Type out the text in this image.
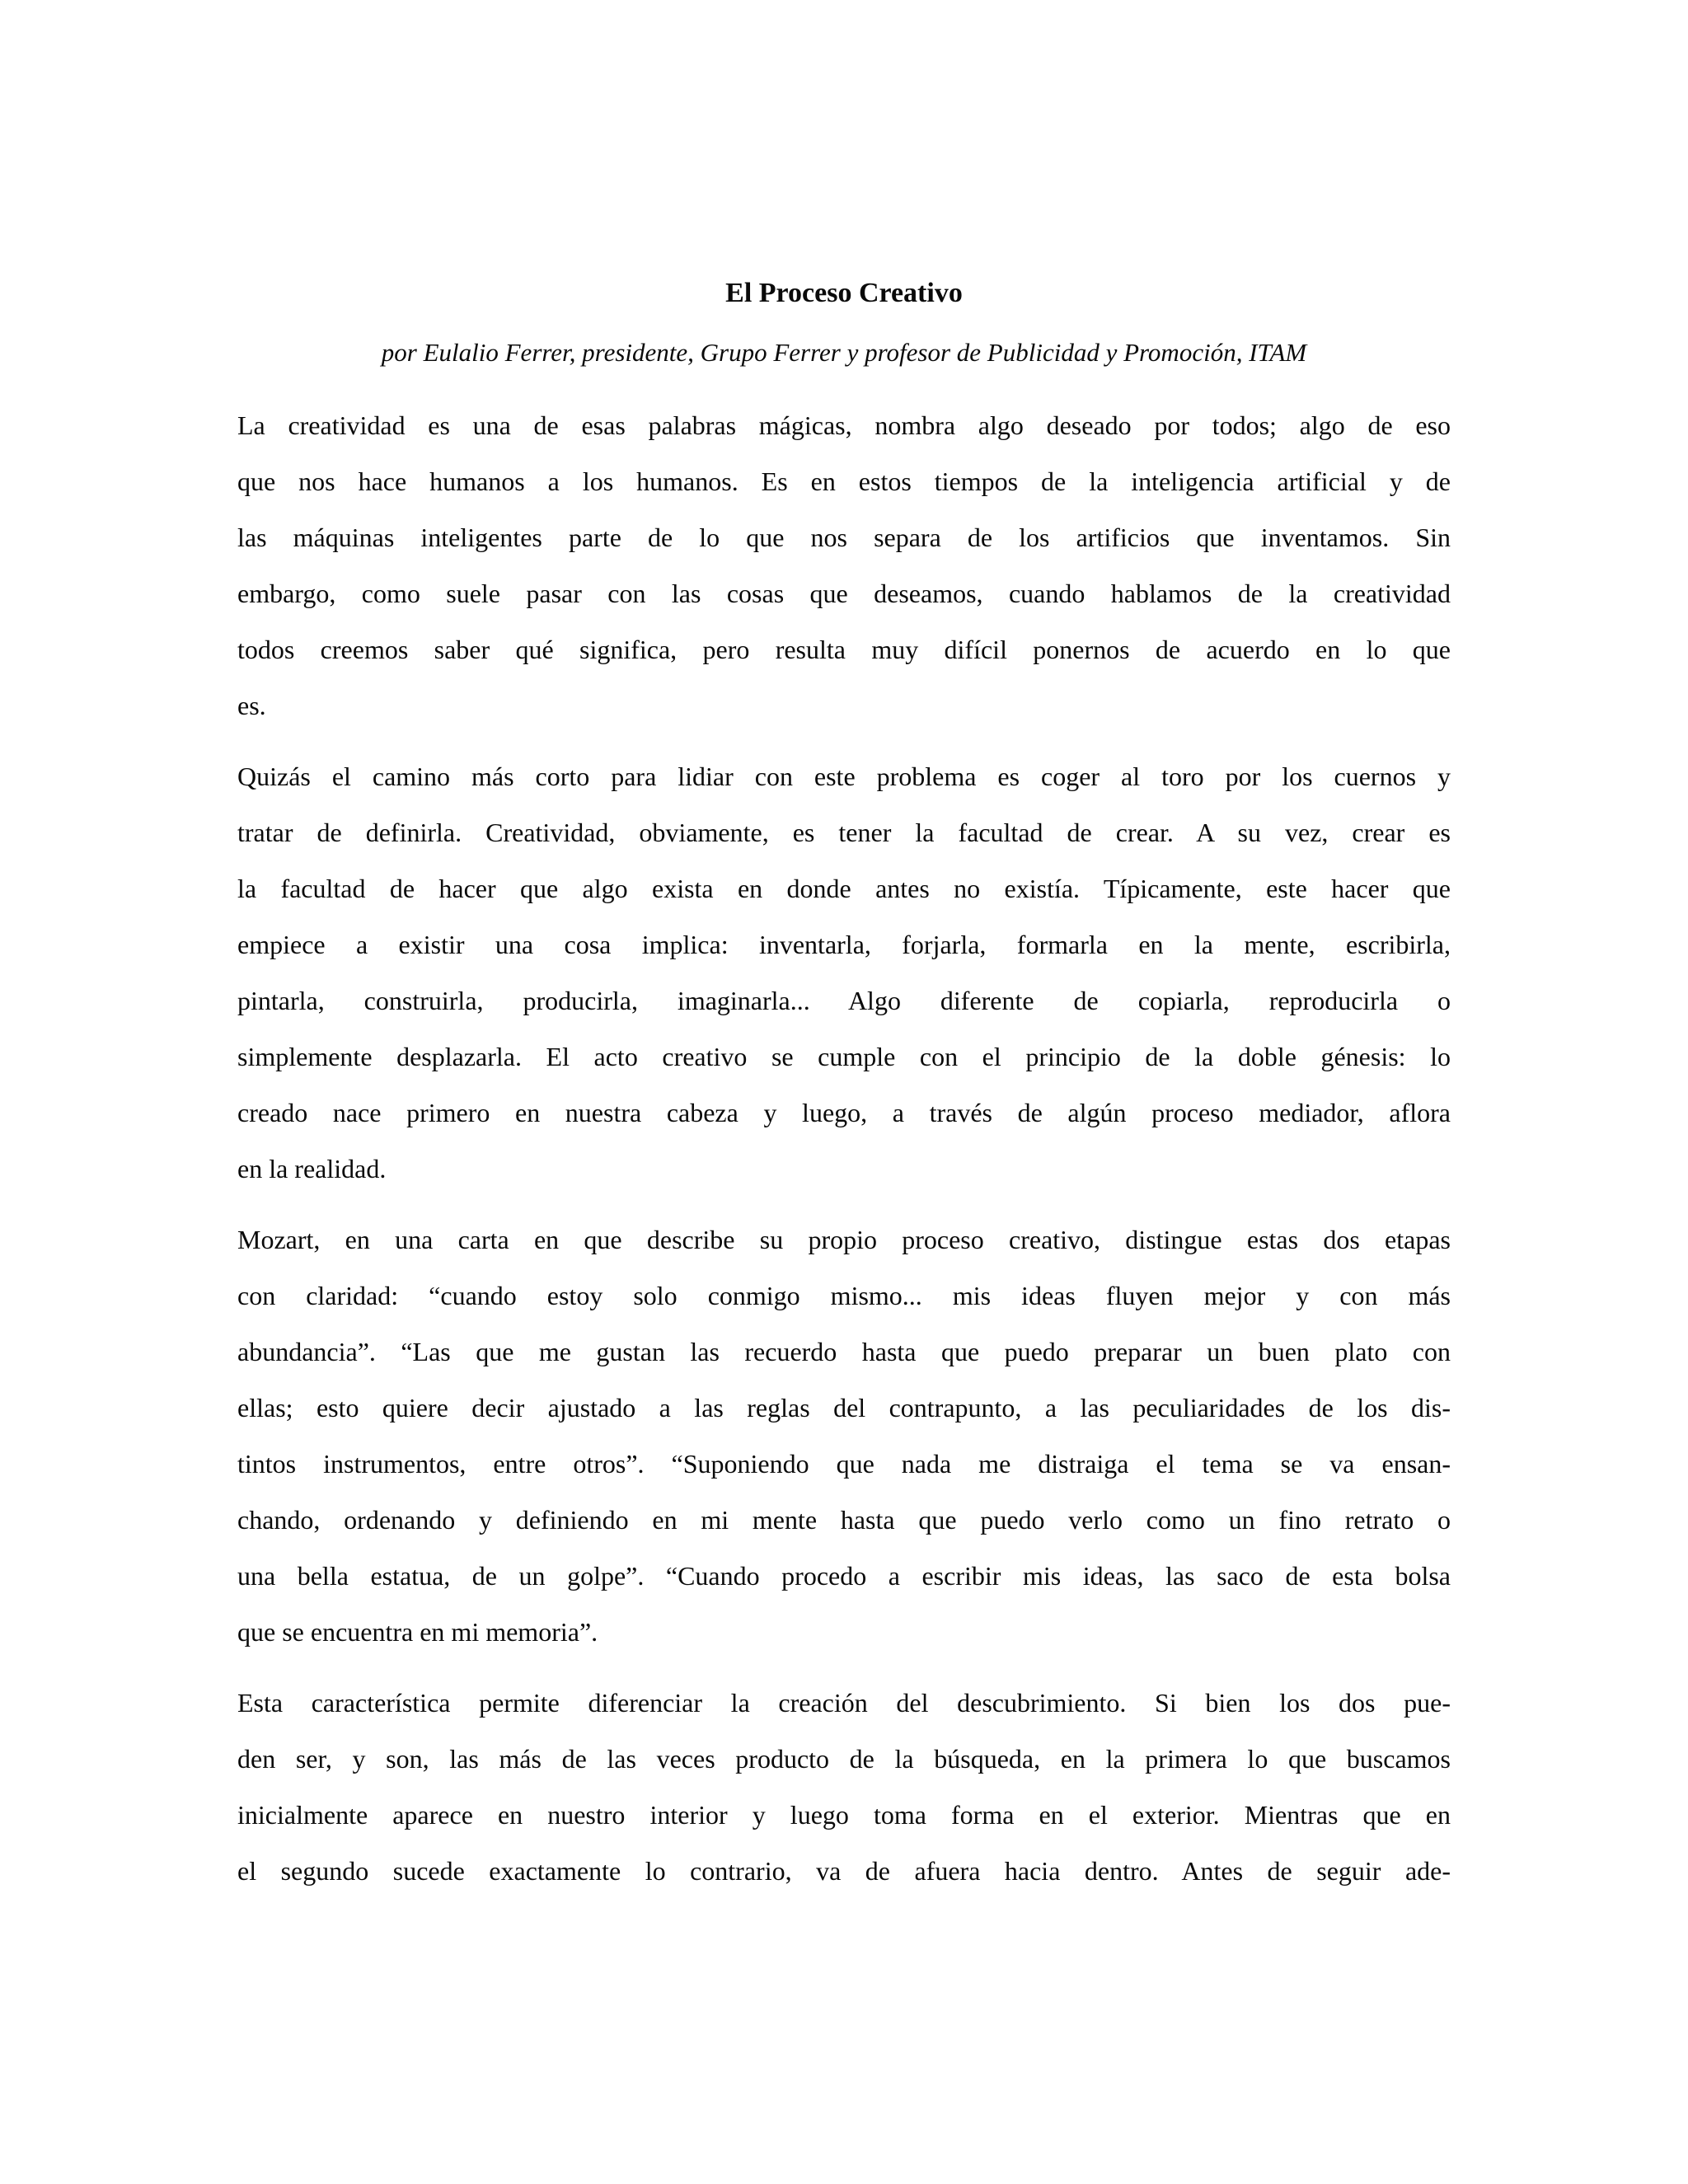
El Proceso Creativo
por Eulalio Ferrer, presidente, Grupo Ferrer y profesor de Publicidad y Promoción, ITAM
La creatividad es una de esas palabras mágicas, nombra algo deseado por todos; algo de eso
que nos hace humanos a los humanos. Es en estos tiempos de la inteligencia artificial y de
las máquinas inteligentes parte de lo que nos separa de los artificios que inventamos. Sin
embargo, como suele pasar con las cosas que deseamos, cuando hablamos de la creatividad
todos creemos saber qué significa, pero resulta muy difícil ponernos de acuerdo en lo que
es.
Quizás el camino más corto para lidiar con este problema es coger al toro por los cuernos y
tratar de definirla. Creatividad, obviamente, es tener la facultad de crear. A su vez, crear es
la facultad de hacer que algo exista en donde antes no existía. Típicamente, este hacer que
empiece a existir una cosa implica: inventarla, forjarla, formarla en la mente, escribirla,
pintarla, construirla, producirla, imaginarla... Algo diferente de copiarla, reproducirla o
simplemente desplazarla. El acto creativo se cumple con el principio de la doble génesis: lo
creado nace primero en nuestra cabeza y luego, a través de algún proceso mediador, aflora
en la realidad.
Mozart, en una carta en que describe su propio proceso creativo, distingue estas dos etapas
con claridad: “cuando estoy solo conmigo mismo... mis ideas fluyen mejor y con más
abundancia”. “Las que me gustan las recuerdo hasta que puedo preparar un buen plato con
ellas; esto quiere decir ajustado a las reglas del contrapunto, a las peculiaridades de los dis-
tintos instrumentos, entre otros”. “Suponiendo que nada me distraiga el tema se va ensan-
chando, ordenando y definiendo en mi mente hasta que puedo verlo como un fino retrato o
una bella estatua, de un golpe”. “Cuando procedo a escribir mis ideas, las saco de esta bolsa
que se encuentra en mi memoria”.
Esta característica permite diferenciar la creación del descubrimiento. Si bien los dos pue-
den ser, y son, las más de las veces producto de la búsqueda, en la primera lo que buscamos
inicialmente aparece en nuestro interior y luego toma forma en el exterior. Mientras que en
el segundo sucede exactamente lo contrario, va de afuera hacia dentro. Antes de seguir ade-
